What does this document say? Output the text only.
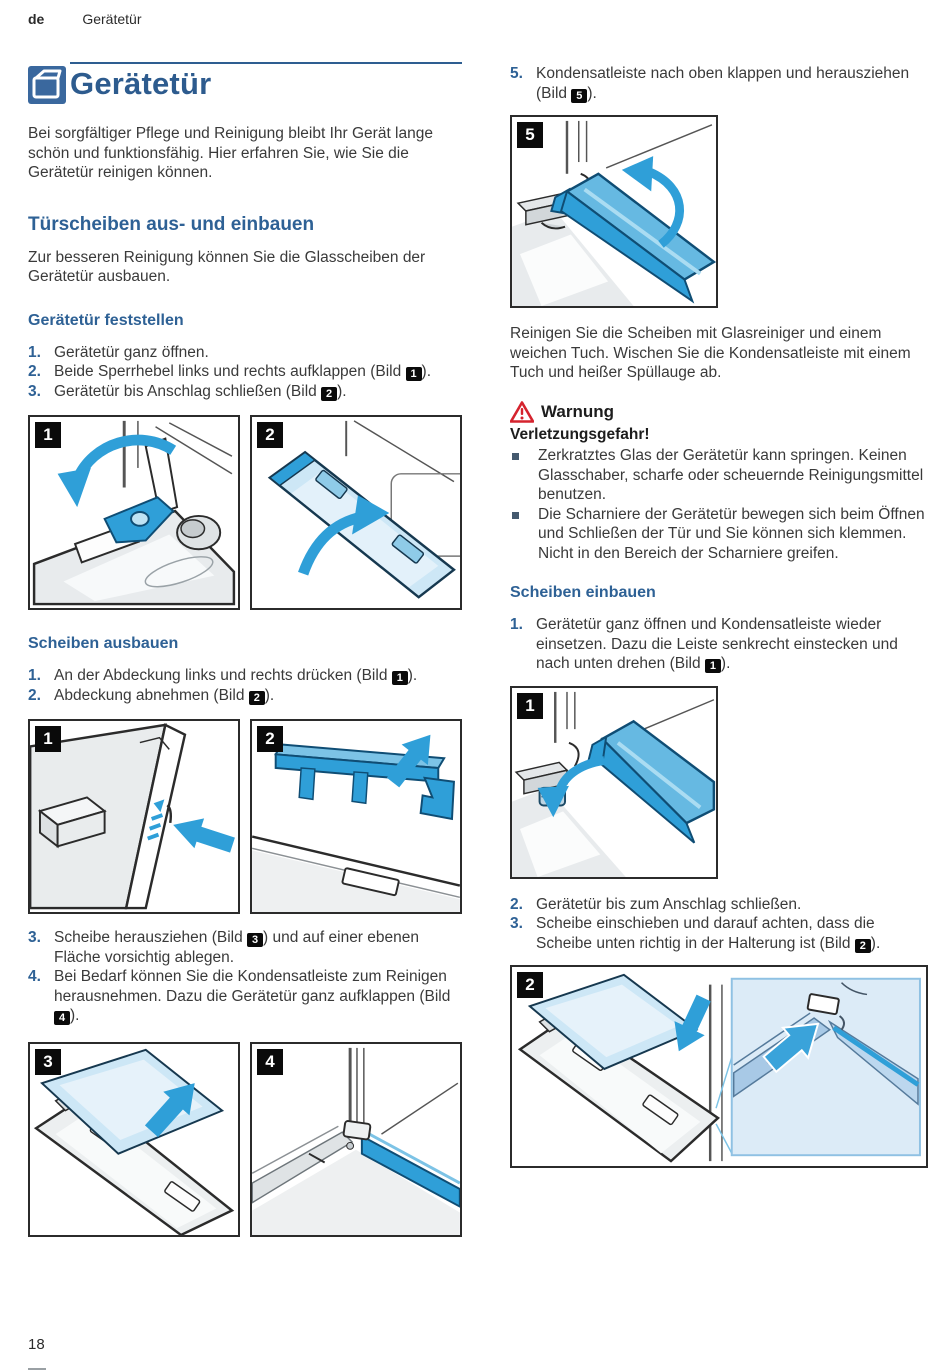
de	Gerätetür
Gerätetür

Bei sorgfältiger Pflege und Reinigung bleibt Ihr Gerät lange schön und funktionsfähig. Hier erfahren Sie, wie Sie die Gerätetür reinigen können.

Türscheiben aus- und einbauen

Zur besseren Reinigung können Sie die Glasscheiben der Gerätetür ausbauen.

Gerätetür feststellen
1. Gerätetür ganz öffnen.
2. Beide Sperrhebel links und rechts aufklappen (Bild 1 ).
3. Gerätetür bis Anschlag schließen (Bild 2 ).
1	2
Scheiben ausbauen
1. An der Abdeckung links und rechts drücken (Bild 1 ).
2. Abdeckung abnehmen (Bild 2 ).
1	2
3. Scheibe herausziehen (Bild 3 ) und auf einer ebenen Fläche vorsichtig ablegen.
4. Bei Bedarf können Sie die Kondensatleiste zum Reinigen herausnehmen. Dazu die Gerätetür ganz aufklappen (Bild 4 ).
3	4
5. Kondensatleiste nach oben klappen und herausziehen (Bild 5 ).
5

Reinigen Sie die Scheiben mit Glasreiniger und einem weichen Tuch. Wischen Sie die Kondensatleiste mit einem Tuch und heißer Spüllauge ab.

Warnung
Verletzungsgefahr!
Zerkratztes Glas der Gerätetür kann springen. Keinen Glasschaber, scharfe oder scheuernde Reinigungsmittel benutzen.
Die Scharniere der Gerätetür bewegen sich beim Öffnen und Schließen der Tür und Sie können sich klemmen. Nicht in den Bereich der Scharniere greifen.
Scheiben einbauen
1. Gerätetür ganz öffnen und Kondensatleiste wieder einsetzen. Dazu die Leiste senkrecht einstecken und nach unten drehen (Bild 1 ).
1
2. Gerätetür bis zum Anschlag schließen.
3. Scheibe einschieben und darauf achten, dass die Scheibe unten richtig in der Halterung ist (Bild 2 ).
2
18
